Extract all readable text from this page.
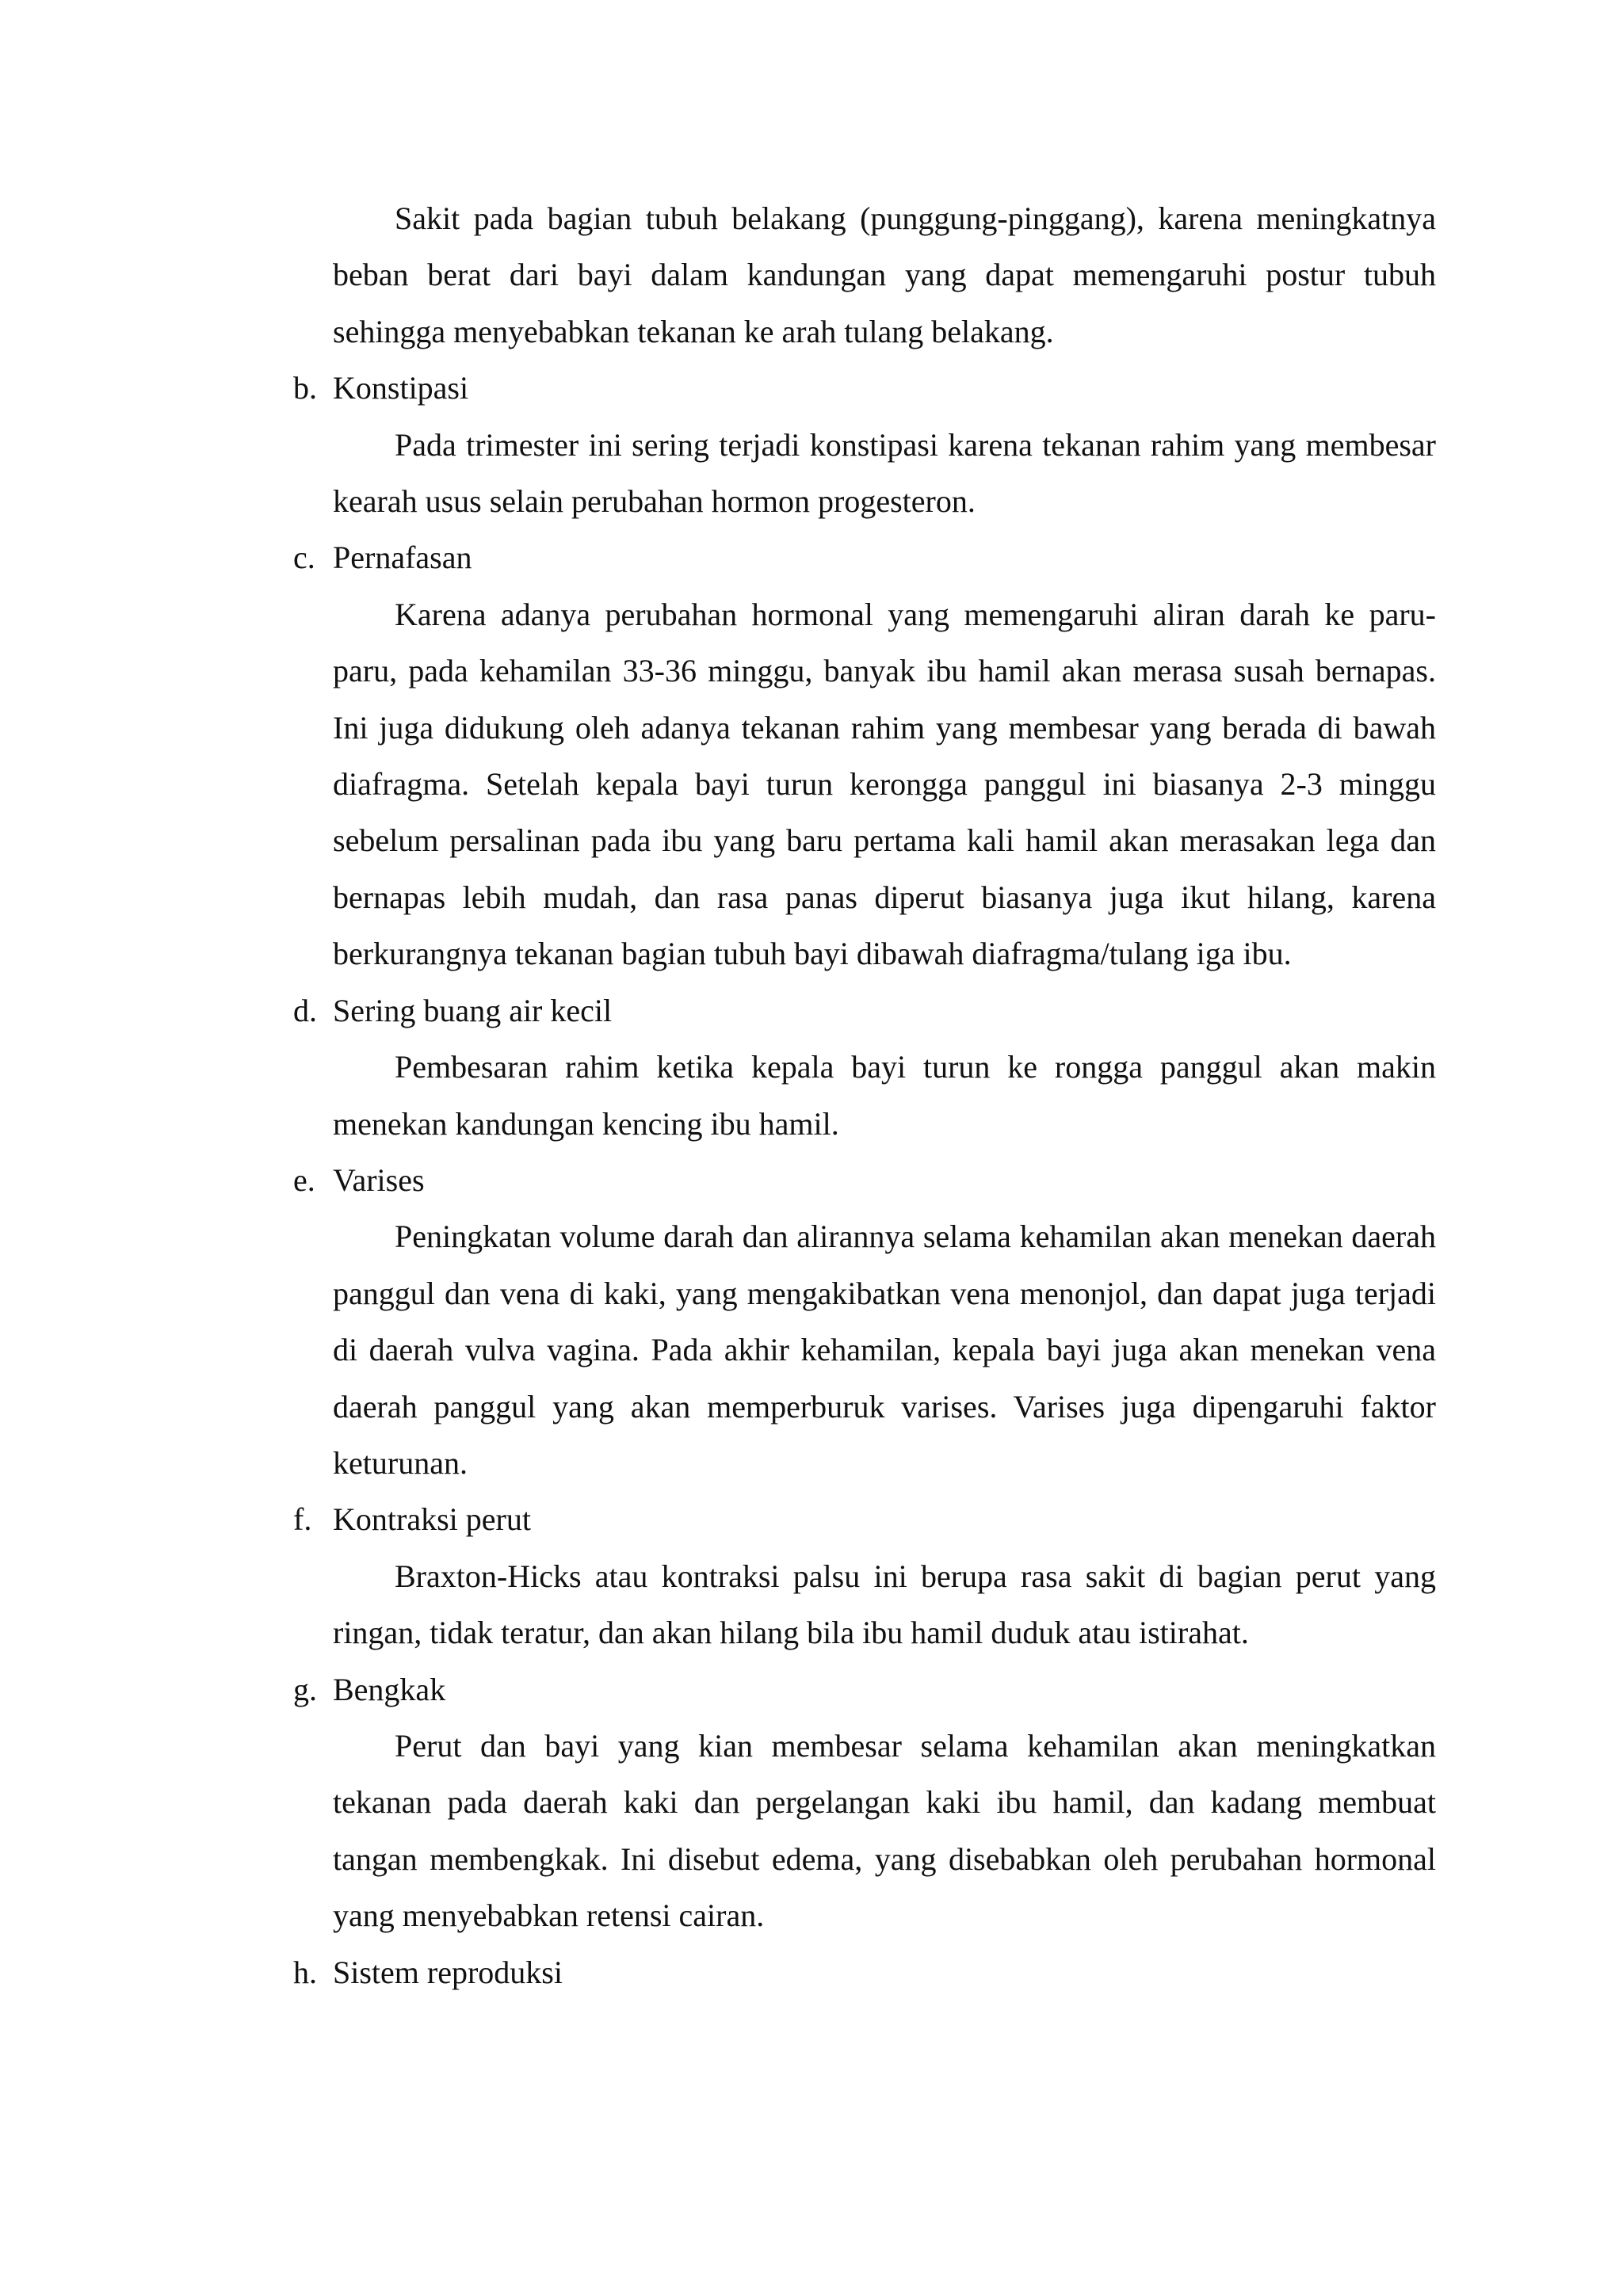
Sakit pada bagian tubuh belakang (punggung-pinggang), karena meningkatnya beban berat dari bayi dalam kandungan yang dapat memengaruhi postur tubuh sehingga menyebabkan tekanan ke arah tulang belakang.

b. Konstipasi

Pada trimester ini sering terjadi konstipasi karena tekanan rahim yang membesar kearah usus selain perubahan hormon progesteron.

c. Pernafasan

Karena adanya perubahan hormonal yang memengaruhi aliran darah ke paru-paru, pada kehamilan 33-36 minggu, banyak ibu hamil akan merasa susah bernapas. Ini juga didukung oleh adanya tekanan rahim yang membesar yang berada di bawah diafragma. Setelah kepala bayi turun kerongga panggul ini biasanya 2-3 minggu sebelum persalinan pada ibu yang baru pertama kali hamil akan merasakan lega dan bernapas lebih mudah, dan rasa panas diperut biasanya juga ikut hilang, karena berkurangnya tekanan bagian tubuh bayi dibawah diafragma/tulang iga ibu.

d. Sering buang air kecil

Pembesaran rahim ketika kepala bayi turun ke rongga panggul akan makin menekan kandungan kencing ibu hamil.

e. Varises

Peningkatan volume darah dan alirannya selama kehamilan akan menekan daerah panggul dan vena di kaki, yang mengakibatkan vena menonjol, dan dapat juga terjadi di daerah vulva vagina. Pada akhir kehamilan, kepala bayi juga akan menekan vena daerah panggul yang akan memperburuk varises. Varises juga dipengaruhi faktor keturunan.

f. Kontraksi perut

Braxton-Hicks atau kontraksi palsu ini berupa rasa sakit di bagian perut yang ringan, tidak teratur, dan akan hilang bila ibu hamil duduk atau istirahat.

g. Bengkak

Perut dan bayi yang kian membesar selama kehamilan akan meningkatkan tekanan pada daerah kaki dan pergelangan kaki ibu hamil, dan kadang membuat tangan membengkak. Ini disebut edema, yang disebabkan oleh perubahan hormonal yang menyebabkan retensi cairan.

h. Sistem reproduksi
